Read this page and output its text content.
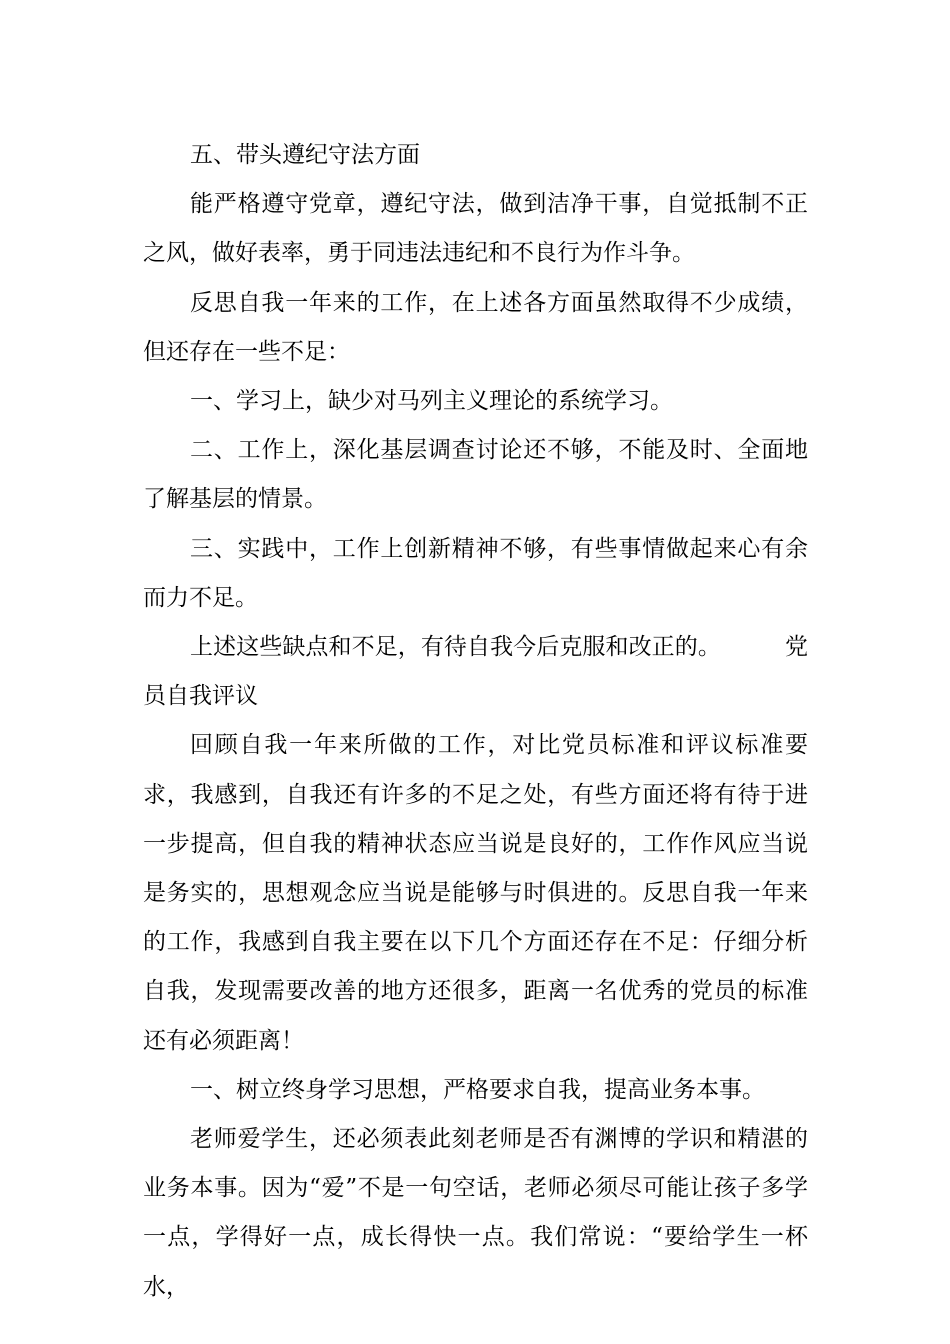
五、带头遵纪守法方面

能严格遵守党章，遵纪守法，做到洁净干事，自觉抵制不正之风，做好表率，勇于同违法违纪和不良行为作斗争。

反思自我一年来的工作，在上述各方面虽然取得不少成绩，但还存在一些不足：

一、学习上，缺少对马列主义理论的系统学习。

二、工作上，深化基层调查讨论还不够，不能及时、全面地了解基层的情景。

三、实践中，工作上创新精神不够，有些事情做起来心有余而力不足。

上述这些缺点和不足，有待自我今后克服和改正的。	党员自我评议

回顾自我一年来所做的工作，对比党员标准和评议标准要求，我感到，自我还有许多的不足之处，有些方面还将有待于进一步提高，但自我的精神状态应当说是良好的，工作作风应当说是务实的，思想观念应当说是能够与时俱进的。反思自我一年来的工作，我感到自我主要在以下几个方面还存在不足：仔细分析自我，发现需要改善的地方还很多，距离一名优秀的党员的标准还有必须距离！

一、树立终身学习思想，严格要求自我，提高业务本事。

老师爱学生，还必须表此刻老师是否有渊博的学识和精湛的业务本事。因为“爱”不是一句空话，老师必须尽可能让孩子多学一点，学得好一点，成长得快一点。我们常说：“要给学生一杯水，
